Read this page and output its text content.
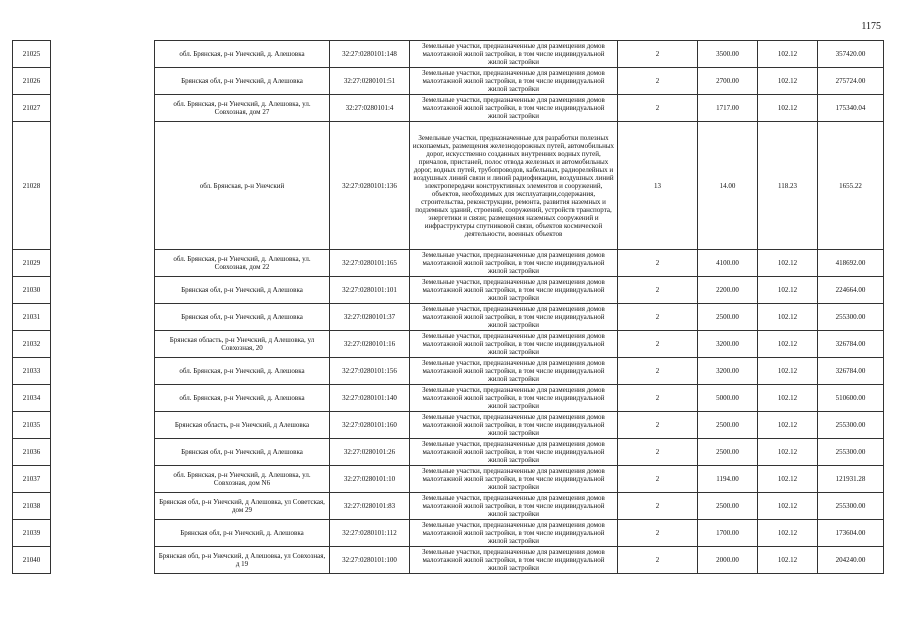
1175
21025		обл. Брянская, р-н Унечский, д. Алешовка	32:27:0280101:148	Земельные участки, предназначенные для размещения домов малоэтажной жилой застройки, в том числе индивидуальной жилой застройки	2	3500.00	102.12	357420.00
21026		Брянская обл, р-н Унечский, д Алешовка	32:27:0280101:51	Земельные участки, предназначенные для размещения домов малоэтажной жилой застройки, в том числе индивидуальной жилой застройки	2	2700.00	102.12	275724.00
21027		обл. Брянская, р-н Унечский, д. Алешовка, ул. Совхозная, дом 27	32:27:0280101:4	Земельные участки, предназначенные для размещения домов малоэтажной жилой застройки, в том числе индивидуальной жилой застройки	2	1717.00	102.12	175340.04
21028		обл. Брянская, р-н Унечский	32:27:0280101:136	Земельные участки, предназначенные для разработки полезных ископаемых, размещения железнодорожных путей, автомобильных дорог, искусственно созданных внутренних водных путей, причалов, пристаней, полос отвода железных и автомобильных дорог, водных путей, трубопроводов, кабельных, радиорелейных и воздушных линий связи и линий радиофикации, воздушных линий электропередачи конструктивных элементов и сооружений, объектов, необходимых для эксплуатации,содержания, строительства, реконструкции, ремонта, развития наземных и подземных зданий, строений, сооружений, устройств транспорта, энергетики и связи; размещения наземных сооружений и инфраструктуры спутниковой связи, объектов космической деятельности, военных объектов	13	14.00	118.23	1655.22
21029		обл. Брянская, р-н Унечский, д. Алешовка, ул. Совхозная, дом 22	32:27:0280101:165	Земельные участки, предназначенные для размещения домов малоэтажной жилой застройки, в том числе индивидуальной жилой застройки	2	4100.00	102.12	418692.00
21030		Брянская обл, р-н Унечский, д Алешовка	32:27:0280101:101	Земельные участки, предназначенные для размещения домов малоэтажной жилой застройки, в том числе индивидуальной жилой застройки	2	2200.00	102.12	224664.00
21031		Брянская обл, р-н Унечский, д Алешовка	32:27:0280101:37	Земельные участки, предназначенные для размещения домов малоэтажной жилой застройки, в том числе индивидуальной жилой застройки	2	2500.00	102.12	255300.00
21032		Брянская область, р-н Унечский, д Алешовка, ул Совхозная, 20	32:27:0280101:16	Земельные участки, предназначенные для размещения домов малоэтажной жилой застройки, в том числе индивидуальной жилой застройки	2	3200.00	102.12	326784.00
21033		обл. Брянская, р-н Унечский, д. Алешовка	32:27:0280101:156	Земельные участки, предназначенные для размещения домов малоэтажной жилой застройки, в том числе индивидуальной жилой застройки	2	3200.00	102.12	326784.00
21034		обл. Брянская, р-н Унечский, д. Алешовка	32:27:0280101:140	Земельные участки, предназначенные для размещения домов малоэтажной жилой застройки, в том числе индивидуальной жилой застройки	2	5000.00	102.12	510600.00
21035		Брянская область, р-н Унечский, д Алешовка	32:27:0280101:160	Земельные участки, предназначенные для размещения домов малоэтажной жилой застройки, в том числе индивидуальной жилой застройки	2	2500.00	102.12	255300.00
21036		Брянская обл, р-н Унечский, д Алешовка	32:27:0280101:26	Земельные участки, предназначенные для размещения домов малоэтажной жилой застройки, в том числе индивидуальной жилой застройки	2	2500.00	102.12	255300.00
21037		обл. Брянская, р-н Унечский, д. Алешовка, ул. Совхозная, дом N6	32:27:0280101:10	Земельные участки, предназначенные для размещения домов малоэтажной жилой застройки, в том числе индивидуальной жилой застройки	2	1194.00	102.12	121931.28
21038		Брянская обл, р-н Унечский, д Алешовка, ул Советская, дом 29	32:27:0280101:83	Земельные участки, предназначенные для размещения домов малоэтажной жилой застройки, в том числе индивидуальной жилой застройки	2	2500.00	102.12	255300.00
21039		Брянская обл, р-н Унечский, д. Алешовка	32:27:0280101:112	Земельные участки, предназначенные для размещения домов малоэтажной жилой застройки, в том числе индивидуальной жилой застройки	2	1700.00	102.12	173604.00
21040		Брянская обл, р-н Унечский, д Алешовка, ул Совхозная, д 19	32:27:0280101:100	Земельные участки, предназначенные для размещения домов малоэтажной жилой застройки, в том числе индивидуальной жилой застройки	2	2000.00	102.12	204240.00
